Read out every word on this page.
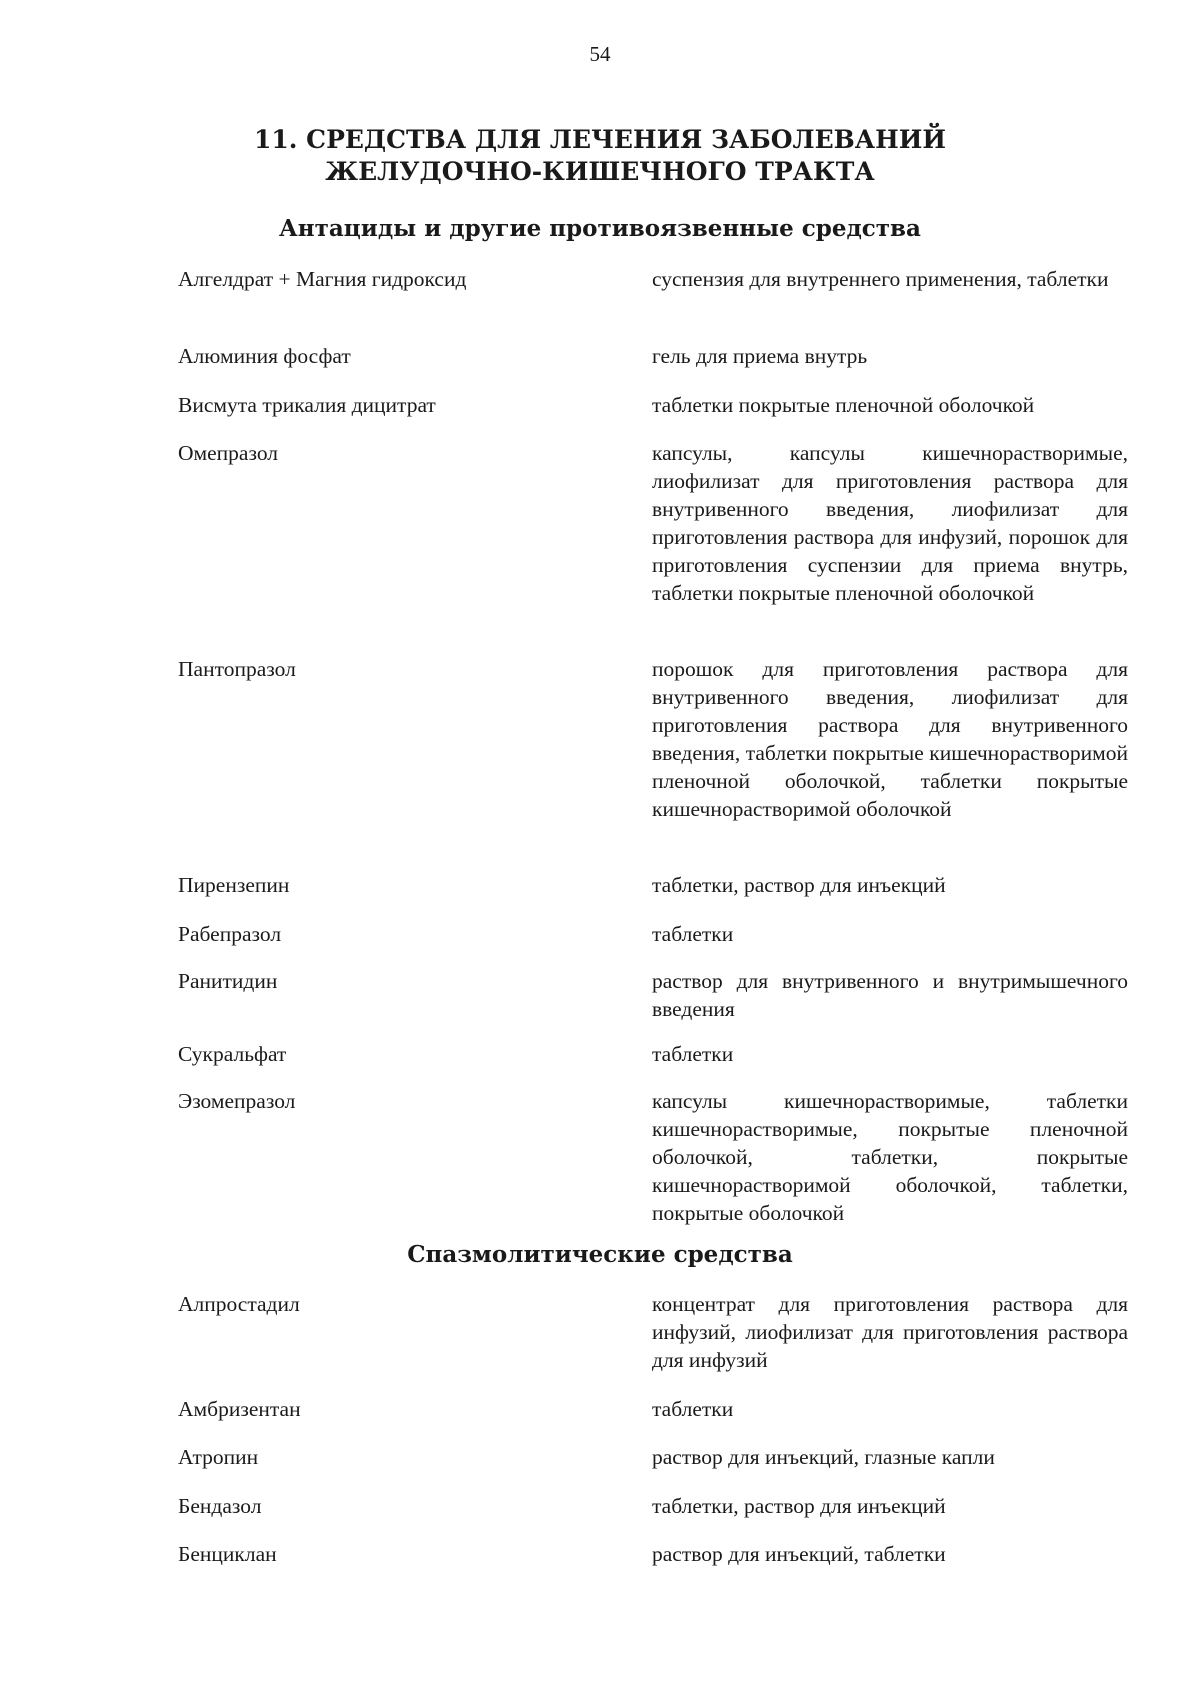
54
11. СРЕДСТВА ДЛЯ ЛЕЧЕНИЯ ЗАБОЛЕВАНИЙ
ЖЕЛУДОЧНО-КИШЕЧНОГО ТРАКТА
Антациды и другие противоязвенные средства
Алгелдрат + Магния гидроксид	суспензия для внутреннего применения, таблетки
Алюминия фосфат	гель для приема внутрь
Висмута трикалия дицитрат	таблетки покрытые пленочной оболочкой
Омепразол	капсулы, капсулы кишечнорастворимые, лиофилизат для приготовления раствора для внутривенного введения, лиофилизат для приготовления раствора для инфузий, порошок для приготовления суспензии для приема внутрь, таблетки покрытые пленочной оболочкой
Пантопразол	порошок для приготовления раствора для внутривенного введения, лиофилизат для приготовления раствора для внутривенного введения, таблетки покрытые кишечнорастворимой пленочной оболочкой, таблетки покрытые кишечнорастворимой оболочкой
Пирензепин	таблетки, раствор для инъекций
Рабепразол	таблетки
Ранитидин	раствор для внутривенного и внутримышечного введения
Сукральфат	таблетки
Эзомепразол	капсулы кишечнорастворимые, таблетки кишечнорастворимые, покрытые пленочной оболочкой, таблетки, покрытые кишечнорастворимой оболочкой, таблетки, покрытые оболочкой
Спазмолитические средства
Алпростадил	концентрат для приготовления раствора для инфузий, лиофилизат для приготовления раствора для инфузий
Амбризентан	таблетки
Атропин	раствор для инъекций, глазные капли
Бендазол	таблетки, раствор для инъекций
Бенциклан	раствор для инъекций, таблетки
